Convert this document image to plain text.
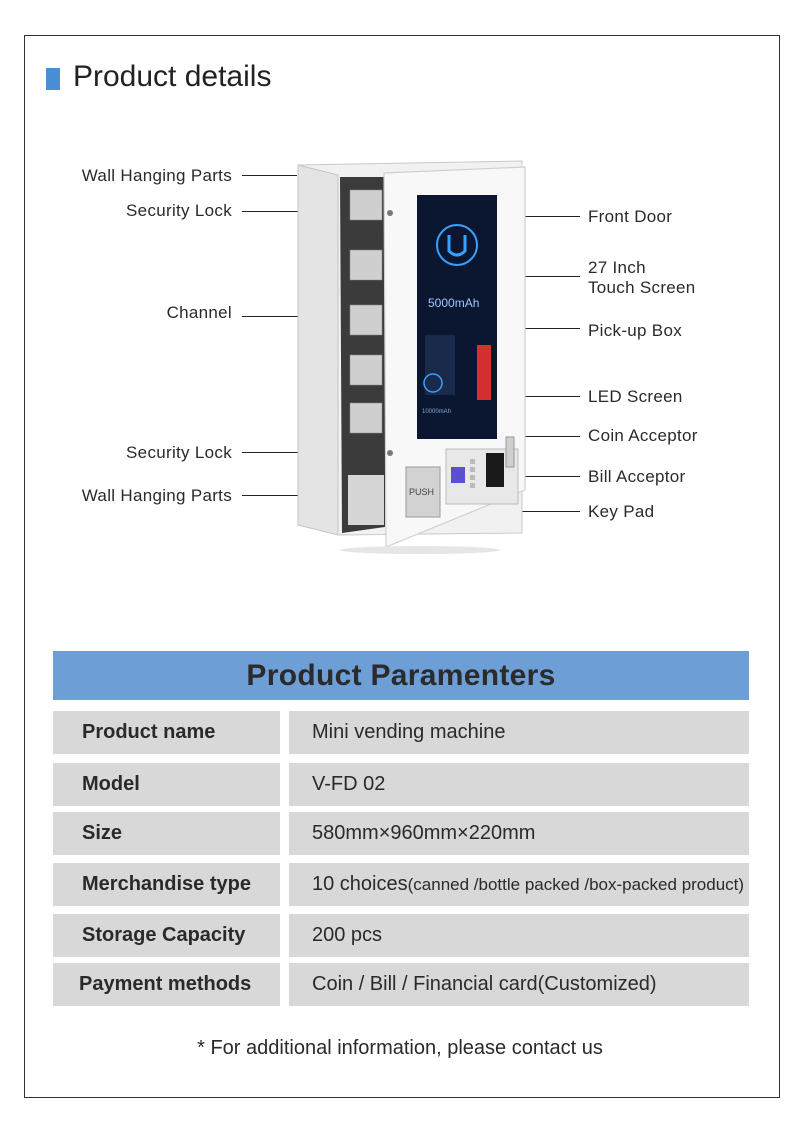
Product details
Wall Hanging Parts
Security Lock
Channel
Security Lock
Wall Hanging Parts
Front Door
27 Inch
Touch Screen
Pick-up Box
LED Screen
Coin Acceptor
Bill Acceptor
Key Pad
5000mAh
10000mAh
PUSH
Product Paramenters
Product name	Mini vending machine
Model	V-FD 02
Size	580mm×960mm×220mm
Merchandise type	10 choices (canned /bottle packed /box-packed product)
Storage Capacity	200 pcs
Payment methods	Coin / Bill / Financial card(Customized)
* For additional information, please contact us
